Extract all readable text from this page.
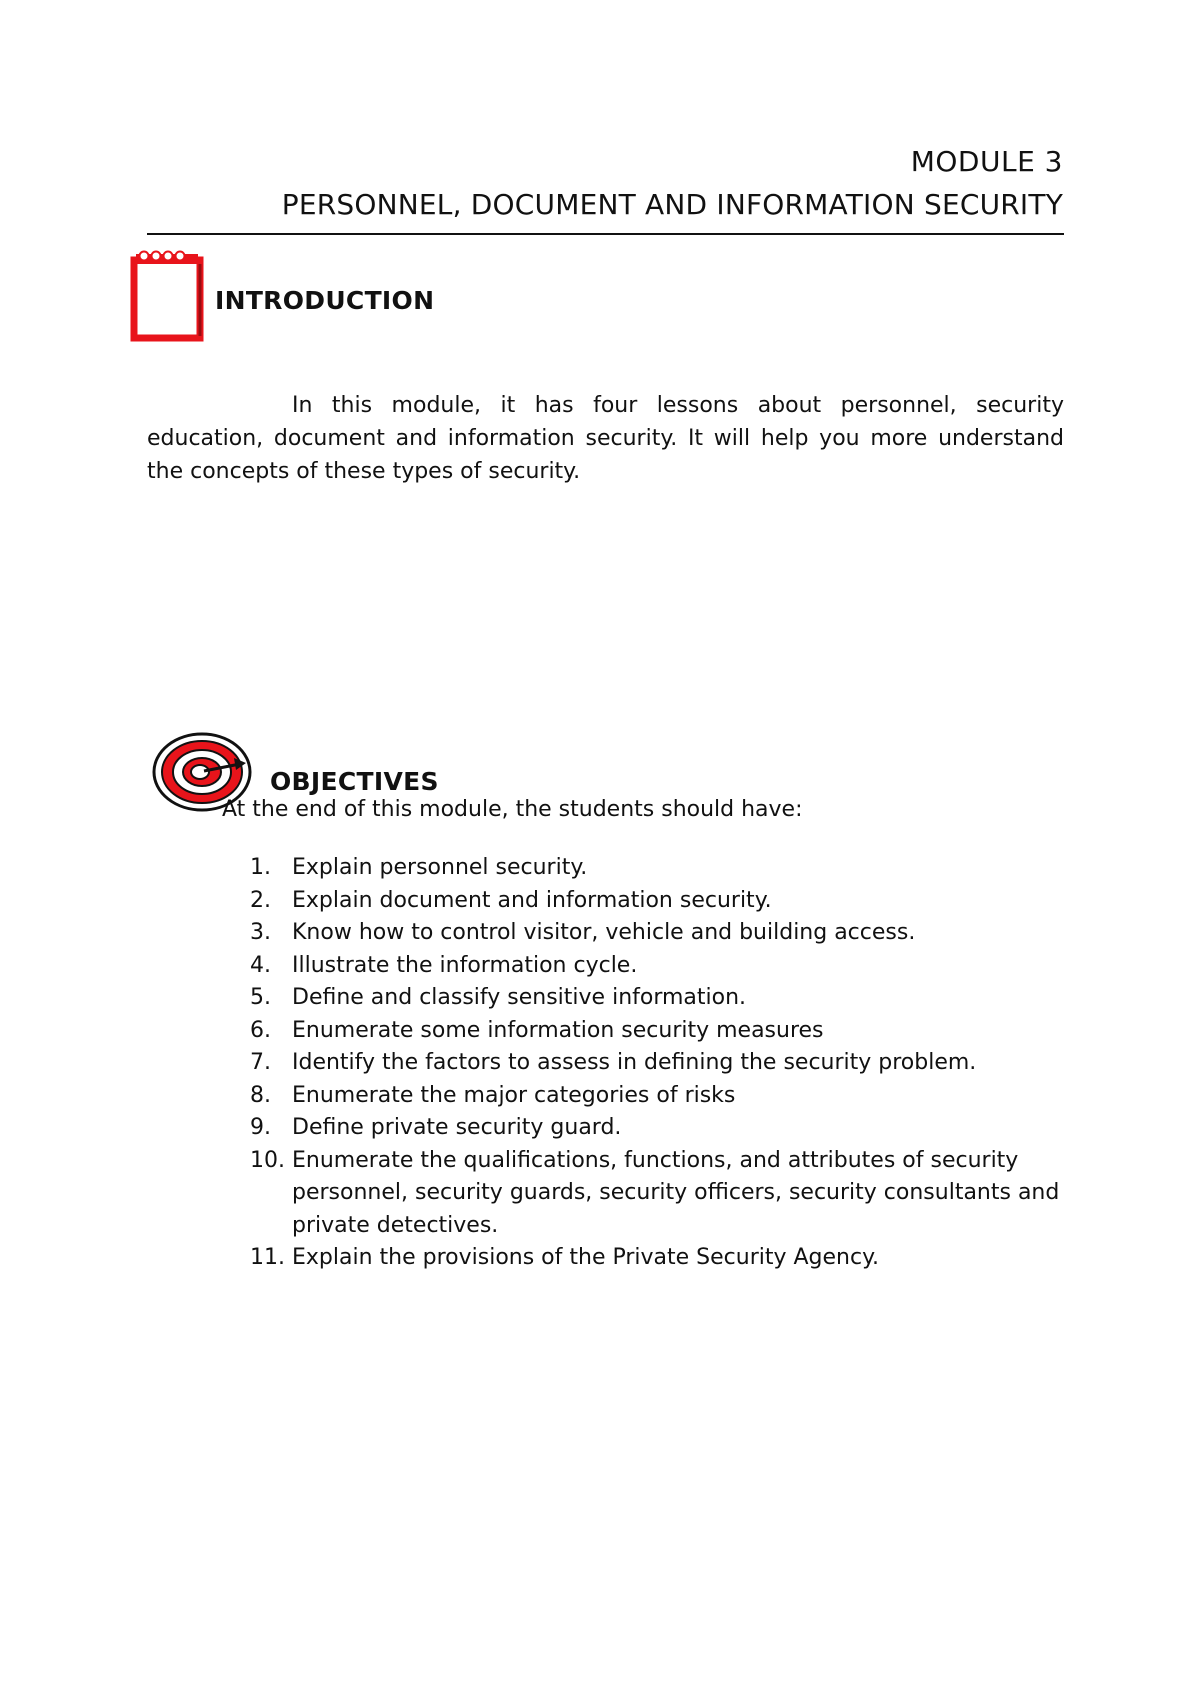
MODULE 3
PERSONNEL, DOCUMENT AND INFORMATION SECURITY
INTRODUCTION

In this module, it has four lessons about personnel, security education, document and information security. It will help you more understand the concepts of these types of security.

OBJECTIVES

At the end of this module, the students should have:

1. Explain personnel security.
2. Explain document and information security.
3. Know how to control visitor, vehicle and building access.
4. Illustrate the information cycle.
5. Define and classify sensitive information.
6. Enumerate some information security measures
7. Identify the factors to assess in defining the security problem.
8. Enumerate the major categories of risks
9. Define private security guard.
10. Enumerate the qualifications, functions, and attributes of security personnel, security guards, security officers, security consultants and private detectives.
11. Explain the provisions of the Private Security Agency.
